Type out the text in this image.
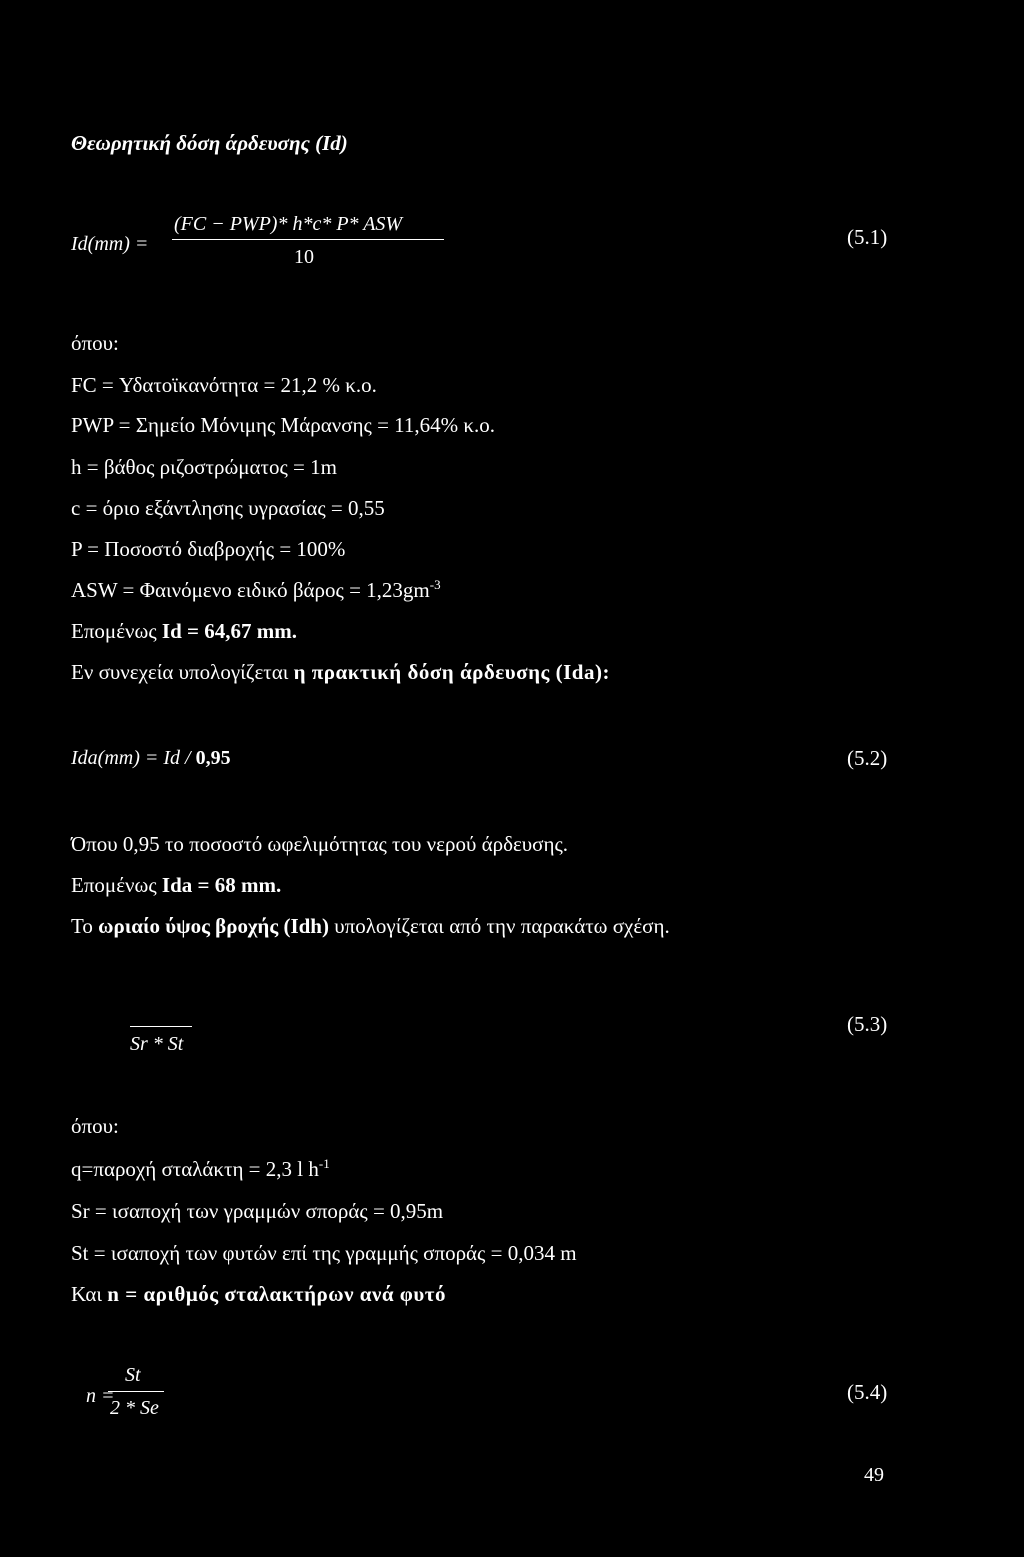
Θεωρητική δόση άρδευσης (Id)
Id(mm) =
(FC − PWP)* h*c* P* ASW
10
(5.1)
όπου:
FC = Υδατοϊκανότητα = 21,2 % κ.ο.
PWP = Σημείο Μόνιμης Μάρανσης = 11,64% κ.ο.
h = βάθος ριζοστρώματος = 1m
c = όριο εξάντλησης υγρασίας = 0,55
P = Ποσοστό διαβροχής = 100%
ASW = Φαινόμενο ειδικό $\beta ά\rho o\varsigma = 1,23gm^{-3}$
Επομένως Id = 64,67 mm.
Εν συνεχεία υπολογίζεται η πρακτική δόση άρδευσης (Ida):
Ida(mm) = Id / 0,95	(5.2)
Όπου 0,95 το ποσοστό ωφελιμότητας του νερού άρδευσης.
Επομένως Ida = 68 mm.
Το ωριαίο ύψος βροχής (Idh) υπολογίζεται από την παρακάτω σχέση.
Sr * St
(5.3)
όπου:
q=παροχή σταλάκτη = 2,3 l $h^{-1}$
Sr = ισαποχή των γραμμών σποράς = 0,95m
St = ισαποχή των φυτών επί της γραμμής σποράς = 0,034 m
Και n = αριθμός σταλακτήρων ανά φυτό
n =
St
2 * Se
(5.4)
49
